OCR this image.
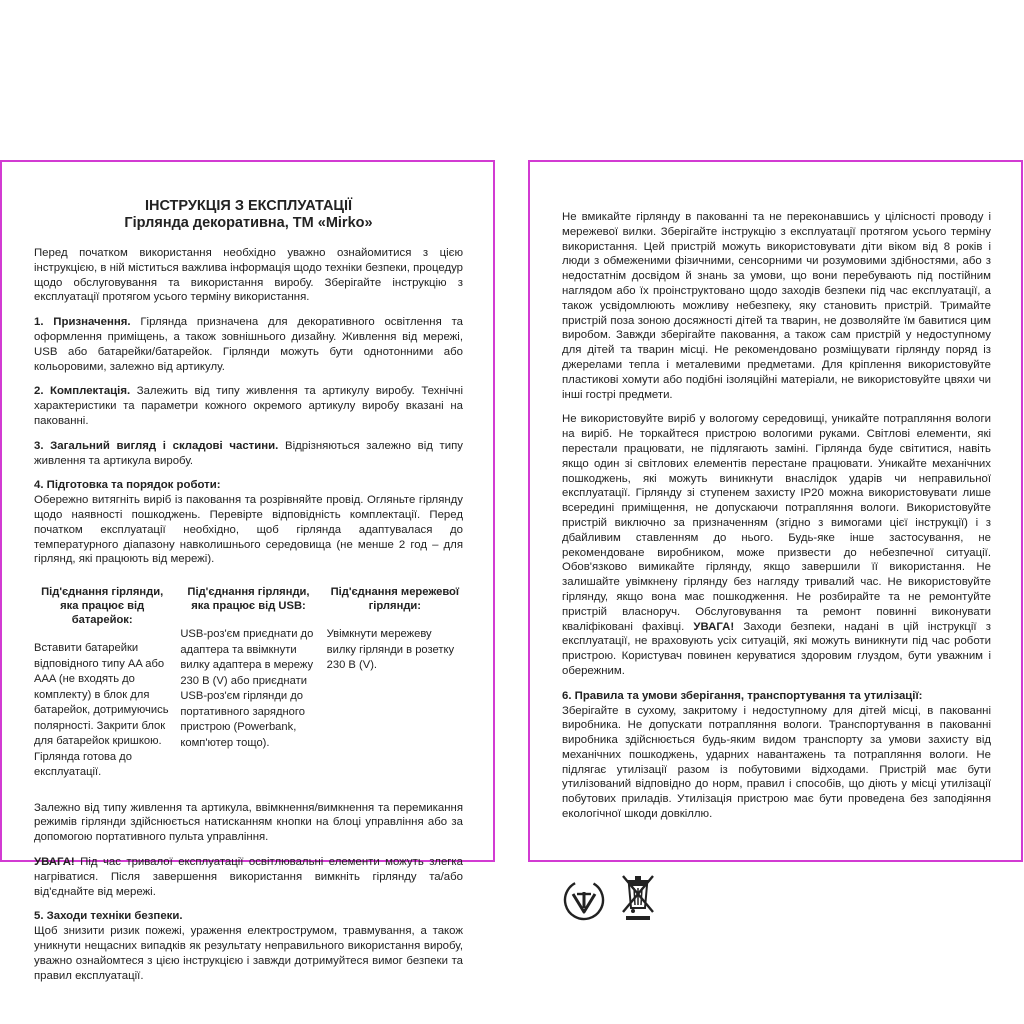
ІНСТРУКЦІЯ З ЕКСПЛУАТАЦІЇ
Гірлянда декоративна, ТМ «Mirko»

Перед початком використання необхідно уважно ознайомитися з цією інструкцією, в ній міститься важлива інформація щодо техніки безпеки, процедур щодо обслуговування та використання виробу. Зберігайте інструкцію з експлуатації протягом усього терміну використання.

1. Призначення. Гірлянда призначена для декоративного освітлення та оформлення приміщень, а також зовнішнього дизайну. Живлення від мережі, USB або батарейки/батарейок. Гірлянди можуть бути однотонними або кольоровими, залежно від артикулу.

2. Комплектація. Залежить від типу живлення та артикулу виробу. Технічні характеристики та параметри кожного окремого артикулу виробу вказані на пакованні.

3. Загальний вигляд і складові частини. Відрізняються залежно від типу живлення та артикула виробу.

4. Підготовка та порядок роботи:
Обережно витягніть виріб із паковання та розрівняйте провід. Огляньте гірлянду щодо наявності пошкоджень. Перевірте відповідність комплектації. Перед початком експлуатації необхідно, щоб гірлянда адаптувалася до температурного діапазону навколишнього середовища (не менше 2 год – для гірлянд, які працюють від мережі).

Під'єднання гірлянди, яка працює від батарейок:
Вставити батарейки відповідного типу AA або AAA (не входять до комплекту) в блок для батарейок, дотримуючись полярності. Закрити блок для батарейок кришкою. Гірлянда готова до експлуатації.
Під'єднання гірлянди, яка працює від USB:
USB-роз'єм приєднати до адаптера та ввімкнути вилку адаптера в мережу 230 В (V) або приєднати USB-роз'єм гірлянди до портативного зарядного пристрою (Powerbank, комп'ютер тощо).
Під'єднання мережевої гірлянди:
Увімкнути мережеву вилку гірлянди в розетку 230 В (V).

Залежно від типу живлення та артикула, ввімкнення/вимкнення та перемикання режимів гірлянди здійснюється натисканням кнопки на блоці управління або за допомогою портативного пульта управління.

УВАГА! Під час тривалої експлуатації освітлювальні елементи можуть злегка нагріватися. Після завершення використання вимкніть гірлянду та/або від'єднайте від мережі.

5. Заходи техніки безпеки.
Щоб знизити ризик пожежі, ураження електрострумом, травмування, а також уникнути нещасних випадків як результату неправильного використання виробу, уважно ознайомтеся з цією інструкцією і завжди дотримуйтеся вимог безпеки та правил експлуатації.

Не вмикайте гірлянду в пакованні та не переконавшись у цілісності проводу і мережевої вилки. Зберігайте інструкцію з експлуатації протягом усього терміну використання. Цей пристрій можуть використовувати діти віком від 8 років і люди з обмеженими фізичними, сенсорними чи розумовими здібностями, або з недостатнім досвідом й знань за умови, що вони перебувають під постійним наглядом або їх проінструктовано щодо заходів безпеки під час експлуатації, а також усвідомлюють можливу небезпеку, яку становить пристрій. Тримайте пристрій поза зоною досяжності дітей та тварин, не дозволяйте їм бавитися цим виробом. Завжди зберігайте паковання, а також сам пристрій у недоступному для дітей та тварин місці. Не рекомендовано розміщувати гірлянду поряд із джерелами тепла і металевими предметами. Для кріплення використовуйте пластикові хомути або подібні ізоляційні матеріали, не використовуйте цвяхи чи інші гострі предмети.

Не використовуйте виріб у вологому середовищі, уникайте потрапляння вологи на виріб. Не торкайтеся пристрою вологими руками. Світлові елементи, які перестали працювати, не підлягають заміні. Гірлянда буде світитися, навіть якщо один зі світлових елементів перестане працювати. Уникайте механічних пошкоджень, які можуть виникнути внаслідок ударів чи неправильної експлуатації. Гірлянду зі ступенем захисту IP20 можна використовувати лише всередині приміщення, не допускаючи потрапляння вологи. Використовуйте пристрій виключно за призначенням (згідно з вимогами цієї інструкції) і з дбайливим ставленням до нього. Будь-яке інше застосування, не рекомендоване виробником, може призвести до небезпечної ситуації. Обов'язково вимикайте гірлянду, якщо завершили її використання. Не залишайте увімкнену гірлянду без нагляду тривалий час. Не використовуйте гірлянду, якщо вона має пошкодження. Не розбирайте та не ремонтуйте пристрій власноруч. Обслуговування та ремонт повинні виконувати кваліфіковані фахівці. УВАГА! Заходи безпеки, надані в цій інструкції з експлуатації, не враховують усіх ситуацій, які можуть виникнути під час роботи пристрою. Користувач повинен керуватися здоровим глуздом, бути уважним і обережним.

6. Правила та умови зберігання, транспортування та утилізації:
Зберігайте в сухому, закритому і недоступному для дітей місці, в пакованні виробника. Не допускати потрапляння вологи. Транспортування в пакованні виробника здійснюється будь-яким видом транспорту за умови захисту від механічних пошкоджень, ударних навантажень та потрапляння вологи. Не підлягає утилізації разом із побутовими відходами. Пристрій має бути утилізований відповідно до норм, правил і способів, що діють у місці утилізації побутових приладів. Утилізація пристрою має бути проведена без заподіяння екологічної шкоди довкіллю.
